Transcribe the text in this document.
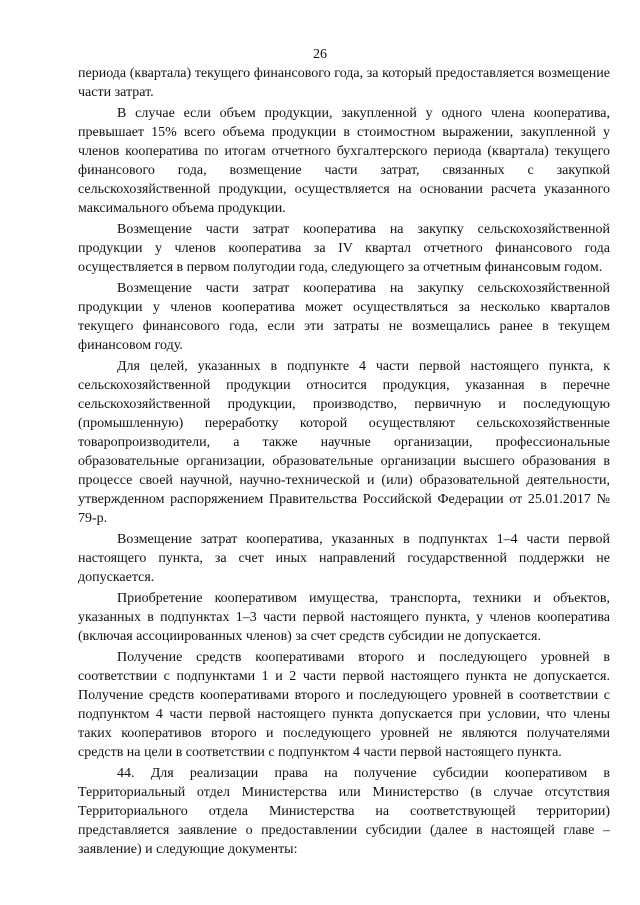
26

периода (квартала) текущего финансового года, за который предоставляется возмещение части затрат.

В случае если объем продукции, закупленной у одного члена кооператива, превышает 15% всего объема продукции в стоимостном выражении, закупленной у членов кооператива по итогам отчетного бухгалтерского периода (квартала) текущего финансового года, возмещение части затрат, связанных с закупкой сельскохозяйственной продукции, осуществляется на основании расчета указанного максимального объема продукции.

Возмещение части затрат кооператива на закупку сельскохозяйственной продукции у членов кооператива за IV квартал отчетного финансового года осуществляется в первом полугодии года, следующего за отчетным финансовым годом.

Возмещение части затрат кооператива на закупку сельскохозяйственной продукции у членов кооператива может осуществляться за несколько кварталов текущего финансового года, если эти затраты не возмещались ранее в текущем финансовом году.

Для целей, указанных в подпункте 4 части первой настоящего пункта, к сельскохозяйственной продукции относится продукция, указанная в перечне сельскохозяйственной продукции, производство, первичную и последующую (промышленную) переработку которой осуществляют сельскохозяйственные товаропроизводители, а также научные организации, профессиональные образовательные организации, образовательные организации высшего образования в процессе своей научной, научно-технической и (или) образовательной деятельности, утвержденном распоряжением Правительства Российской Федерации от 25.01.2017 № 79-р.

Возмещение затрат кооператива, указанных в подпунктах 1–4 части первой настоящего пункта, за счет иных направлений государственной поддержки не допускается.

Приобретение кооперативом имущества, транспорта, техники и объектов, указанных в подпунктах 1–3 части первой настоящего пункта, у членов кооператива (включая ассоциированных членов) за счет средств субсидии не допускается.

Получение средств кооперативами второго и последующего уровней в соответствии с подпунктами 1 и 2 части первой настоящего пункта не допускается. Получение средств кооперативами второго и последующего уровней в соответствии с подпунктом 4 части первой настоящего пункта допускается при условии, что члены таких кооперативов второго и последующего уровней не являются получателями средств на цели в соответствии с подпунктом 4 части первой настоящего пункта.

44. Для реализации права на получение субсидии кооперативом в Территориальный отдел Министерства или Министерство (в случае отсутствия Территориального отдела Министерства на соответствующей территории) представляется заявление о предоставлении субсидии (далее в настоящей главе – заявление) и следующие документы:
